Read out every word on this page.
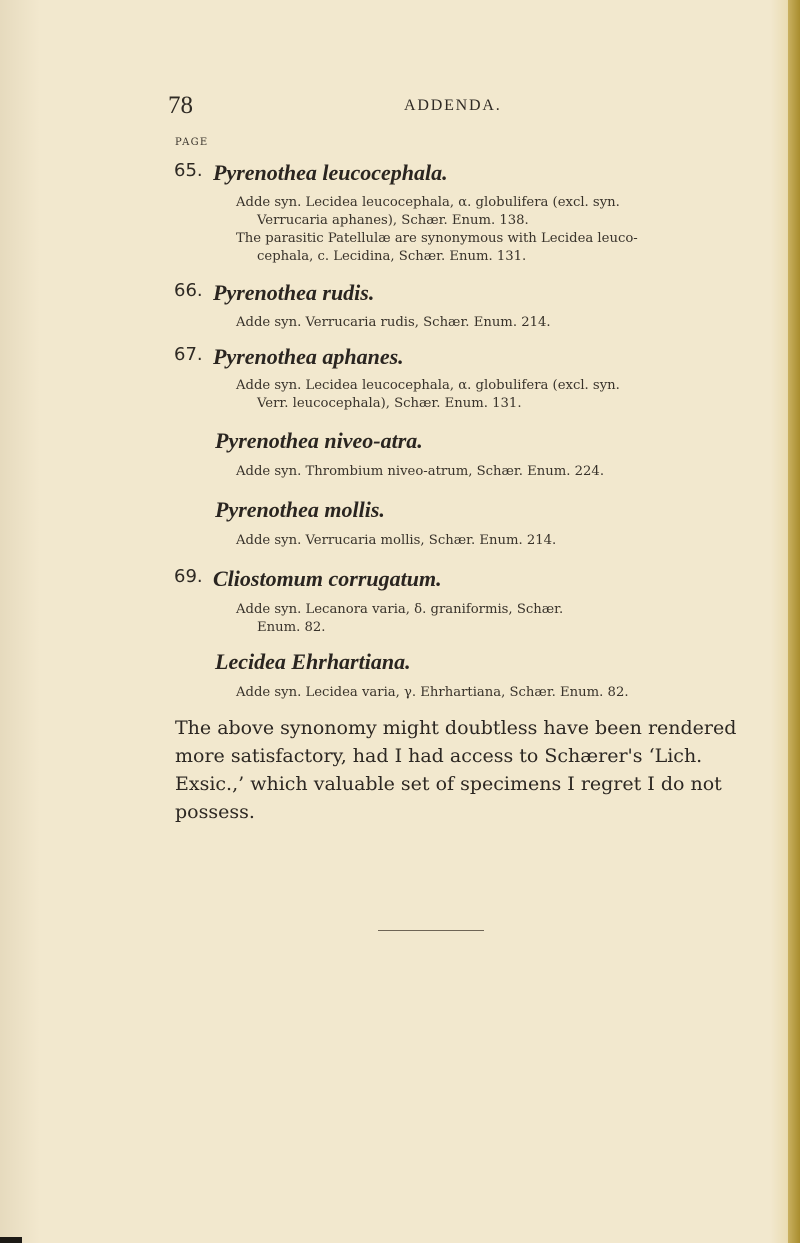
78	ADDENDA.
PAGE
65. Pyrenothea leucocephala.
Adde syn. Lecidea leucocephala, α. globulifera (excl. syn.
Verrucaria aphanes), Schær. Enum. 138.
The parasitic Patellulæ are synonymous with Lecidea leuco-
cephala, c. Lecidina, Schær. Enum. 131.
66. Pyrenothea rudis.
Adde syn. Verrucaria rudis, Schær. Enum. 214.
67. Pyrenothea aphanes.
Adde syn. Lecidea leucocephala, α. globulifera (excl. syn.
Verr. leucocephala), Schær. Enum. 131.
Pyrenothea niveo-atra.
Adde syn. Thrombium niveo-atrum, Schær. Enum. 224.
Pyrenothea mollis.
Adde syn. Verrucaria mollis, Schær. Enum. 214.
69. Cliostomum corrugatum.
Adde syn. Lecanora varia, δ. graniformis, Schær.
Enum. 82.
Lecidea Ehrhartiana.
Adde syn. Lecidea varia, γ. Ehrhartiana, Schær. Enum. 82.
The above synonomy might doubtless have been rendered
more satisfactory, had I had access to Schærer's ‘Lich.
Exsic.,’ which valuable set of specimens I regret I do not
possess.
